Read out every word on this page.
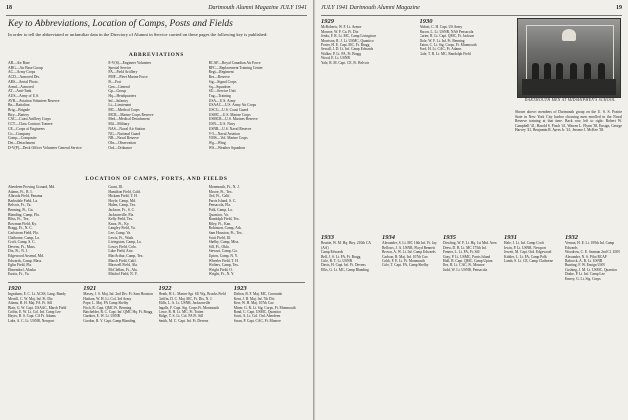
18	Dartmouth Alumni Magazine JULY 1941
Key to Abbreviations, Location of Camps, Posts and Fields
In order to tell the abbreviated or unfamiliar data in the Directory of Alumni in Service carried on these pages the following key is published:
ABBREVIATIONS

AB—Air Base

ABG—Air Base Group

AC—Army Corps

ACD—Armored Div.

ARS—Aerial Photo.

Armd—Armored

AT—Anti-Tank

AUS—Army of U.S.

AVR—Aviation Volunteer Reserve

Bn—Battalion

Brig—Brigade

Btry—Battery

CAC—Coast Artillery Corps

CCT—Class Contract Trainee

CE—Corps of Engineers

Co—Company

Comp—Composite

Det—Detachment

D-V(P)—Deck Officer Volunteer General Service

E-V(S)—Engineer Volunteer

Special Service

FA—Field Artillery

FMF—Fleet Marine Force

Ft—Fort

Gen—General

Gp—Group

Hq—Headquarters

Inf—Infantry

Lt—Lieutenant

MC—Medical Corps

MCR—Marine Corps Reserve

Med—Medical Detachment

Mil—Military

NAS—Naval Air Station

NG—National Guard

NR—Naval Reserve

Obs—Observation

Ord—Ordnance

RCAF—Royal Canadian Air Force

RFC—Replacement Training Center

Regt—Regiment

Res—Reserve

Sig—Signal Corps

Sq—Squadron

SU—Service Unit

Tng—Training

USA—U.S. Army

USAAC—U.S. Army Air Corps

USCG—U.S. Coast Guard

USMC—U.S. Marine Corps

USMCR—U.S. Marines Reserve

USN—U.S. Navy

USNR—U.S. Naval Reserve

V-5—Naval Aviation

VMS—Vol. Marine Corps

Wg—Wing

WS—Weather Squadron

LOCATION OF CAMPS, FORTS, AND FIELDS

Aberdeen Proving Ground, Md.

Adams, Ft., R. I.

Albrook Field, Panama

Barksdale Field, La.

Belvoir, Ft., Va.

Benning, Ft., Ga.

Blanding, Camp, Fla.

Bliss, Ft., Tex.

Bowman Field, Ky.

Bragg, Ft., N. C.

Carlstrom Field, Fla.

Claiborne, Camp, La.

Croft, Camp, S. C.

Devens, Ft., Mass.

Dix, Ft., N. J.

Edgewood Arsenal, Md.

Edwards, Camp, Mass.

Eglin Field, Fla.

Elmendorf, Alaska

Eustis, Ft., Va.

Grant, Ill.

Hamilton Field, Calif.

Hickam Field, T. H.

Hoyle, Camp, Md.

Hulen, Camp, Tex.

Jackson, Ft., S. C.

Jacksonville, Fla.

Kelly Field, Tex.

Knox, Ft., Ky.

Langley Field, Va.

Lee, Camp, Va.

Lewis, Ft., Wash.

Livingston, Camp, La.

Lowry Field, Colo.

Luke Field, Ariz.

MacArthur, Camp, Tex.

March Field, Calif.

Maxwell Field, Ala.

McClellan, Ft., Ala.

Mitchel Field, N. Y.

Monmouth, Ft., N. J.

Moore, Ft., Tex.

Ord, Ft., Calif.

Parris Island, S. C.

Pensacola, Fla.

Polk, Camp, La.

Quantico, Va.

Randolph Field, Tex.

Riley, Ft., Kan.

Robinson, Camp, Ark.

Sam Houston, Ft., Tex.

Scott Field, Ill.

Shelby, Camp, Miss.

Sill, Ft., Okla.

Stewart, Camp, Ga.

Upton, Camp, N. Y.

Wheeler Field, T. H.

Wolters, Camp, Tex.

Wright Field, O.

Wright, Ft., N. Y.

1920

Ingraham, E. C. Lt. ACSS, Lang. Bandy

Merrill, C. W. Maj. Inf. Ft. Dix

Adams, R. H. Maj. FA. Ft. Sill

Blair, G. W. Capt. USAAC, March Field

Coffin, E. W. Lt. Col. Inf. Camp Lee

Hayes, R. S. Capt. CA Ft. Adams

Lake, A. C. Lt. USNR, Newport

1921

Maxey, J. S. Maj. Inf. 2nd Div. Ft. Sam Houston

Hudson, W. H. Lt. Col. 3rd Army

Pope, L. Maj. FA Camp Shelby

Fitch, R. Capt. QMC Ft. Benning

Batchelder, R. C. Capt. Inf. QMC Hq. Ft. Bragg

Gardner, E. W. Lt. USNR

Gordon, R. V. Capt. Camp Blanding

1922

Heath, H. L. Master Sgt. SU Wg. Brooks Field

Griffin, D. C. Maj. MC, Ft. Dix, N. J.

Mills, L. A. Lt. USNR, Jacksonville

Ingalls, F. Capt. Sig. Corps Ft. Monmouth

Lowe, R. H. Lt. MC, Ft. Totten

Ridge, T. S. Lt. Col. FA Ft. Sill

Smith, M. C. Capt. Inf. Ft. Devens

1923

Dalton, B. F. Maj. MC, Coronado

Kent, J. B. Maj. Inf. 7th Div.

Kerr, W. H. Maj. 107th Cav.

Miner, G. R. Lt. Sig. Corps, Ft. Monmouth

Rand, C. Capt. USMC, Quantico

Scott, A. Lt. Col. Ord. Aberdeen

Swan, P. Capt. CAC, Ft. Monroe

JULY 1941 Dartmouth Alumni Magazine	19
1929

McRoberts, W. F. Lt. Armor

Monroe, W. F. Ca. Ft. Dix

Jenks, F. R. Lt. MC, Camp Livingston

Morrison, R. J. Lt. USMC, Quantico

Porter, H. E. Capt. MC, Ft. Bragg

Sewall, J. D. Lt. Inf. Camp Edwards

Walker, P. Lt. FA, Ft. Bragg

Wood, E. Lt. USNR

Yale, R. M. Capt. CE, Ft. Belvoir

1930

Abbott, C. H. Capt. US Army

Bacon, L. Lt. USNR, NAS Pensacola

Carter, R. Lt. Capt. QMC, Ft. Jackson

Dole, W. F. Lt. Inf. Ft. Benning

Eaton, C. Lt. Sig. Corps, Ft. Monmouth

Ford, H. Lt. CAC, Ft. Adams

Gale, T. R. Lt. MC, Randolph Field

DARTMOUTH MEN AT MIDSHIPMEN'S SCHOOL
Shown above: members of Dartmouth group on the U. S. S. Prairie State in New York City harbor choosing men enrolled in the Naval Reserve training at that time. Back row, left to right: Robert W. Campbell '41, Harold S. Finch '41, Warren L. Flynn '38, Ensign, George Harvey '41, Benjamin R. Ayres Jr. '41, Jerome J. McKee '38.
1933

Beattie, W. M. Hq. Btry. 210th CA (AA)

Camp Edwards

Bell, J. S. Lt. FA, Ft. Bragg

Cole, R. T. Lt. USNR

Davis, H. Capt. Inf. Ft. Devens

Ellis, G. Lt. MC, Camp Blanding

1934

Alexander, S. Lt. MC 16th Inf. Ft. Jay

Bellows, J. A. USNR, Floyd Bennett

Brown, A. W. Lt. Inf. Camp Edwards

Carlson, R. Maj. Inf. 107th Cav.

Cobb, F. E. Lt. Ft. Monmouth

Cole, T. Capt. FA, Camp Shelby

1935

Dowling, W. F. Lt. Hq. 1st Mtd. Area

Drew, D. B. Lt. MC 175th Inf.

Fenner, L. Lt. FA, Ft. Sill

Gray, P. Lt. USMC, Parris Island

Hull, B. Capt. QMC, Camp Upton

Iles, R. Lt. CAC, Ft. Monroe

Judd, W. Lt. USNR, Pensacola

1931

Hale, J. Lt. Inf. Camp Croft

Irwin, P. Lt. USNR, Newport

Jewett, M. Capt. Ord. Edgewood

Kidder, L. Lt. FA, Camp Polk

Lamb, S. Lt. CE, Camp Claiborne

1932

Vernon, H. E. Lt. 109th Inf. Camp Edwards

Woodrow, C. E. Seaman 2nd Cl. USN

Alexander, N. S. Pilot RCAF

Babcock, A. B. Lt. USNR

Bunting, F. W. Ensign USN

Cushing, J. M. Lt. USMC, Quantico

Drake, P. Lt. Inf. Camp Lee

Emery, G. Lt. Sig. Corps
